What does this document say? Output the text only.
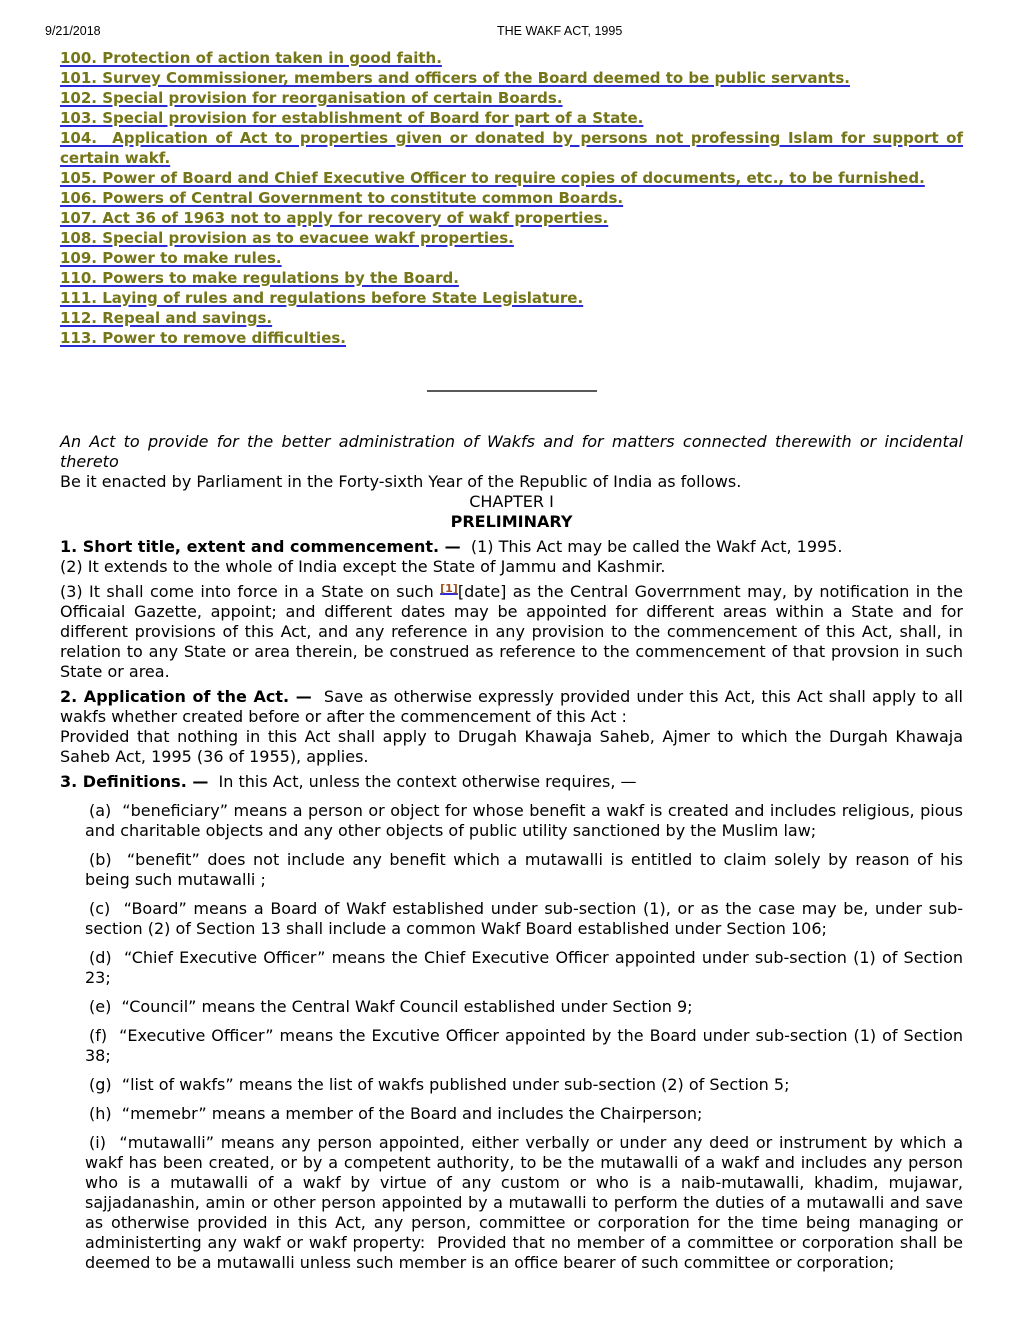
9/21/2018	THE WAKF ACT, 1995
100. Protection of action taken in good faith.
101. Survey Commissioner, members and officers of the Board deemed to be public servants.
102. Special provision for reorganisation of certain Boards.
103. Special provision for establishment of Board for part of a State.
104.  Application of Act to properties given or donated by persons not professing Islam for support of certain wakf.
105. Power of Board and Chief Executive Officer to require copies of documents, etc., to be furnished.
106. Powers of Central Government to constitute common Boards.
107. Act 36 of 1963 not to apply for recovery of wakf properties.
108. Special provision as to evacuee wakf properties.
109. Power to make rules.
110. Powers to make regulations by the Board.
111. Laying of rules and regulations before State Legislature.
112. Repeal and savings.
113. Power to remove difficulties.

An Act to provide for the better administration of Wakfs and for matters connected therewith or incidental thereto

Be it enacted by Parliament in the Forty-sixth Year of the Republic of India as follows.

CHAPTER I

PRELIMINARY

1. Short title, extent and commencement. —  (1) This Act may be called the Wakf Act, 1995.

(2) It extends to the whole of India except the State of Jammu and Kashmir.

(3) It shall come into force in a State on such [1][date] as the Central Goverrnment may, by notification in the Officaial Gazette, appoint; and different dates may be appointed for different areas within a State and for different provisions of this Act, and any reference in any provision to the commencement of this Act, shall, in relation to any State or area therein, be construed as reference to the commencement of that provsion in such State or area.

2. Application of the Act. —  Save as otherwise expressly provided under this Act, this Act shall apply to all wakfs whether created before or after the commencement of this Act :

Provided that nothing in this Act shall apply to Drugah Khawaja Saheb, Ajmer to which the Durgah Khawaja Saheb Act, 1995 (36 of 1955), applies.

3. Definitions. —  In this Act, unless the context otherwise requires, —

(a)  “beneficiary” means a person or object for whose benefit a wakf is created and includes religious, pious and charitable objects and any other objects of public utility sanctioned by the Muslim law;

(b)  “benefit” does not include any benefit which a mutawalli is entitled to claim solely by reason of his being such mutawalli ;

(c)  “Board” means a Board of Wakf established under sub-section (1), or as the case may be, under sub-section (2) of Section 13 shall include a common Wakf Board established under Section 106;

(d)  “Chief Executive Officer” means the Chief Executive Officer appointed under sub-section (1) of Section 23;

(e)  “Council” means the Central Wakf Council established under Section 9;

(f)  “Executive Officer” means the Excutive Officer appointed by the Board under sub-section (1) of Section 38;

(g)  “list of wakfs” means the list of wakfs published under sub-section (2) of Section 5;

(h)  “memebr” means a member of the Board and includes the Chairperson;

(i)  “mutawalli” means any person appointed, either verbally or under any deed or instrument by which a wakf has been created, or by a competent authority, to be the mutawalli of a wakf and includes any person who is a mutawalli of a wakf by virtue of any custom or who is a naib-mutawalli, khadim, mujawar, sajjadanashin, amin or other person appointed by a mutawalli to perform the duties of a mutawalli and save as otherwise provided in this Act, any person, committee or corporation for the time being managing or administerting any wakf or wakf property:  Provided that no member of a committee or corporation shall be deemed to be a mutawalli unless such member is an office bearer of such committee or corporation;
